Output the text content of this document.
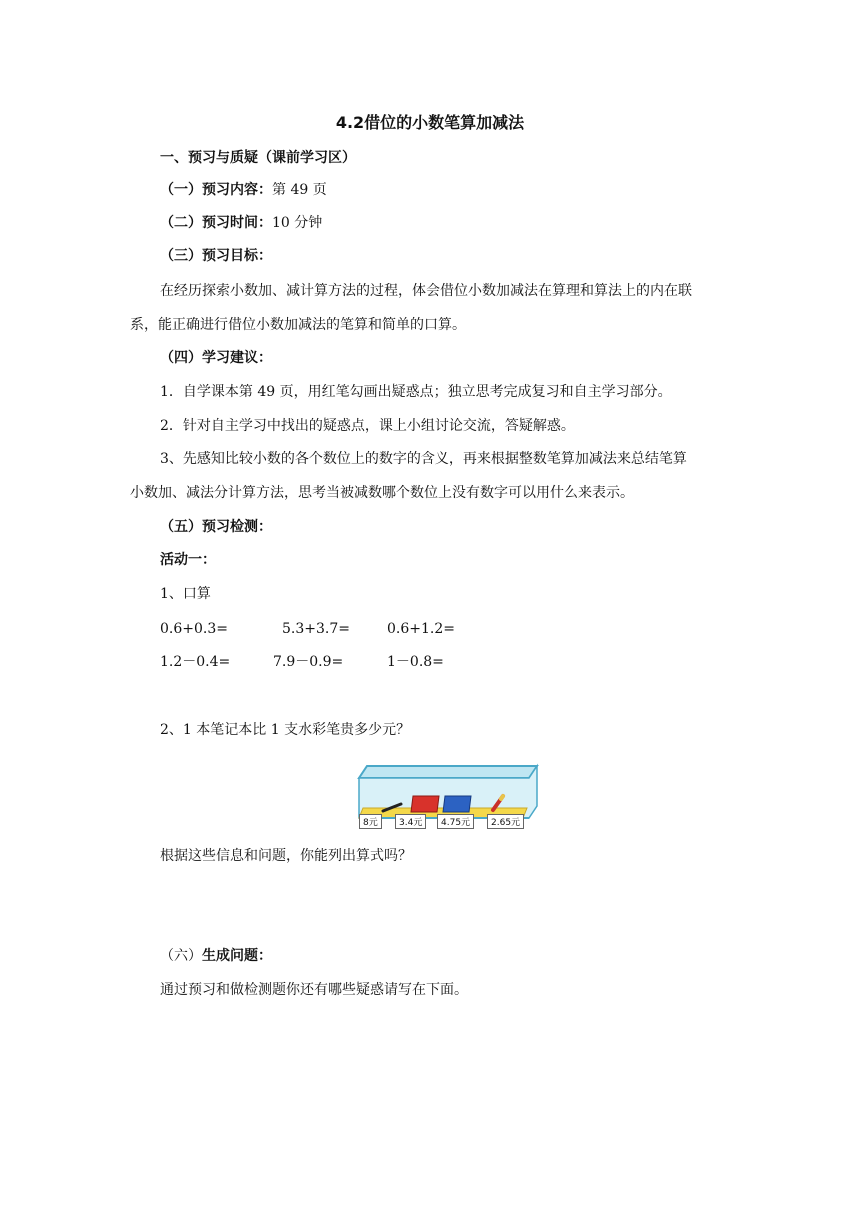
4.2借位的小数笔算加减法
一、预习与质疑（课前学习区）
（一）预习内容：第 49 页
（二）预习时间：10 分钟
（三）预习目标：
在经历探索小数加、减计算方法的过程，体会借位小数加减法在算理和算法上的内在联
系，能正确进行借位小数加减法的笔算和简单的口算。
（四）学习建议：
1．自学课本第 49 页，用红笔勾画出疑惑点；独立思考完成复习和自主学习部分。
2．针对自主学习中找出的疑惑点，课上小组讨论交流，答疑解惑。
3、先感知比较小数的各个数位上的数字的含义，再来根据整数笔算加减法来总结笔算
小数加、减法分计算方法，思考当被减数哪个数位上没有数字可以用什么来表示。
（五）预习检测：
活动一：
1、口算
0.6+0.3=	5.3+3.7=	0.6+1.2=
1.2－0.4=	7.9－0.9=	1－0.8=
2、1 本笔记本比 1 支水彩笔贵多少元？
8元	3.4元	4.75元	2.65元
根据这些信息和问题，你能列出算式吗？
（六）生成问题：
通过预习和做检测题你还有哪些疑惑请写在下面。
